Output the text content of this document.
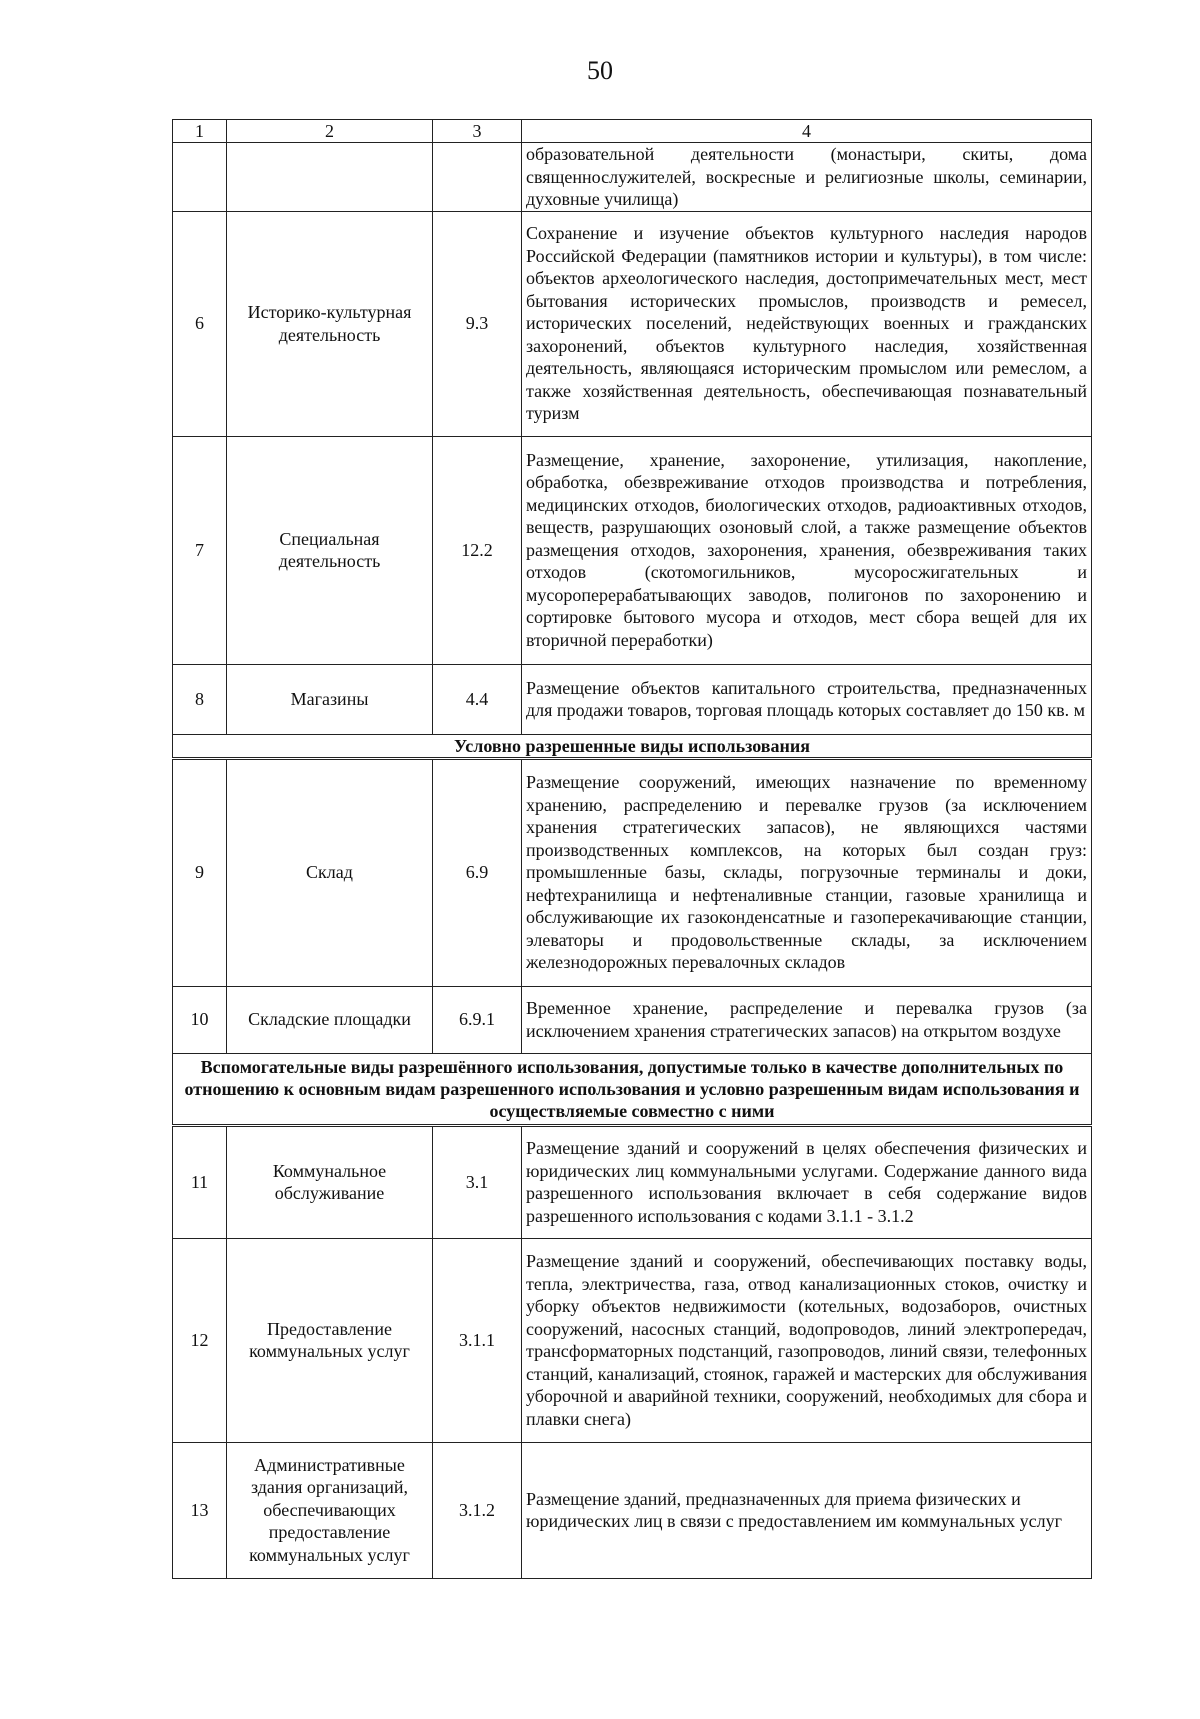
50
1	2	3	4
			образовательной деятельности (монастыри, скиты, дома священнослужителей, воскресные и религиозные школы, семинарии, духовные училища)
6	Историко-культурная деятельность	9.3	Сохранение и изучение объектов культурного наследия народов Российской Федерации (памятников истории и культуры), в том числе: объектов археологического наследия, достопримечательных мест, мест бытования исторических промыслов, производств и ремесел, исторических поселений, недействующих военных и гражданских захоронений, объектов культурного наследия, хозяйственная деятельность, являющаяся историческим промыслом или ремеслом, а также хозяйственная деятельность, обеспечивающая познавательный туризм
7	Специальная деятельность	12.2	Размещение, хранение, захоронение, утилизация, накопление, обработка, обезвреживание отходов производства и потребления, медицинских отходов, биологических отходов, радиоактивных отходов, веществ, разрушающих озоновый слой, а также размещение объектов размещения отходов, захоронения, хранения, обезвреживания таких отходов (скотомогильников, мусоросжигательных и мусороперерабатывающих заводов, полигонов по захоронению и сортировке бытового мусора и отходов, мест сбора вещей для их вторичной переработки)
8	Магазины	4.4	Размещение объектов капитального строительства, предназначенных для продажи товаров, торговая площадь которых составляет до 150 кв. м
Условно разрешенные виды использования			
9	Склад	6.9	Размещение сооружений, имеющих назначение по временному хранению, распределению и перевалке грузов (за исключением хранения стратегических запасов), не являющихся частями производственных комплексов, на которых был создан груз: промышленные базы, склады, погрузочные терминалы и доки, нефтехранилища и нефтеналивные станции, газовые хранилища и обслуживающие их газоконденсатные и газоперекачивающие станции, элеваторы и продовольственные склады, за исключением железнодорожных перевалочных складов
10	Складские площадки	6.9.1	Временное хранение, распределение и перевалка грузов (за исключением хранения стратегических запасов) на открытом воздухе
Вспомогательные виды разрешённого использования, допустимые только в качестве дополнительных по отношению к основным видам разрешенного использования и условно разрешенным видам использования и осуществляемые совместно с ними			
11	Коммунальное обслуживание	3.1	Размещение зданий и сооружений в целях обеспечения физических и юридических лиц коммунальными услугами. Содержание данного вида разрешенного использования включает в себя содержание видов разрешенного использования с кодами 3.1.1 - 3.1.2
12	Предоставление коммунальных услуг	3.1.1	Размещение зданий и сооружений, обеспечивающих поставку воды, тепла, электричества, газа, отвод канализационных стоков, очистку и уборку объектов недвижимости (котельных, водозаборов, очистных сооружений, насосных станций, водопроводов, линий электропередач, трансформаторных подстанций, газопроводов, линий связи, телефонных станций, канализаций, стоянок, гаражей и мастерских для обслуживания уборочной и аварийной техники, сооружений, необходимых для сбора и плавки снега)
13	Административные здания организаций, обеспечивающих предоставление коммунальных услуг	3.1.2	Размещение зданий, предназначенных для приема физических и юридических лиц в связи с предоставлением им коммунальных услуг
